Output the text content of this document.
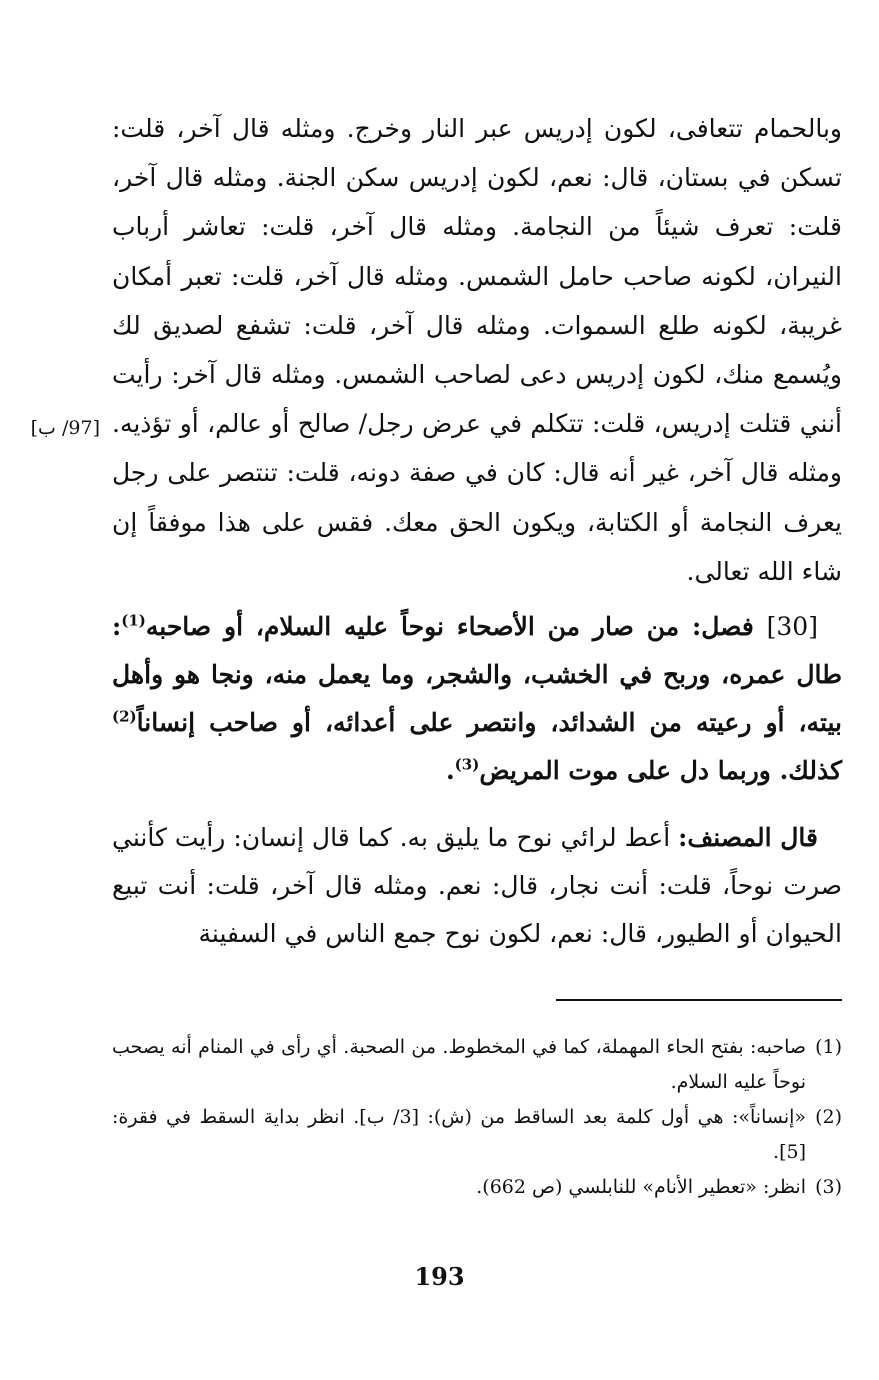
وبالحمام تتعافى، لكون إدريس عبر النار وخرج. ومثله قال آخر، قلت: تسكن في بستان، قال: نعم، لكون إدريس سكن الجنة. ومثله قال آخر، قلت: تعرف شيئاً من النجامة. ومثله قال آخر، قلت: تعاشر أرباب النيران، لكونه صاحب حامل الشمس. ومثله قال آخر، قلت: تعبر أمكان غريبة، لكونه طلع السموات. ومثله قال آخر، قلت: تشفع لصديق لك ويُسمع منك، لكون إدريس دعى لصاحب الشمس. ومثله قال آخر: رأيت أنني قتلت إدريس، قلت: تتكلم في عرض رجل/ صالح أو عالم، أو تؤذيه. ومثله قال آخر، غير أنه قال: كان في صفة دونه، قلت: تنتصر على رجل يعرف النجامة أو الكتابة، ويكون الحق معك. فقس على هذا موفقاً إن شاء الله تعالى.

[97/ ب]

[30] فصل: من صار من الأصحاء نوحاً عليه السلام، أو صاحبه$^{(1)}$: طال عمره، وربح في الخشب، والشجر، وما يعمل منه، ونجا هو وأهل بيته، أو رعيته من الشدائد، وانتصر على أعدائه، أو صاحب إنساناً$^{(2)}$ كذلك. وربما دل على موت المريض$^{(3)}$.

قال المصنف: أعط لرائي نوح ما يليق به. كما قال إنسان: رأيت كأنني صرت نوحاً، قلت: أنت نجار، قال: نعم. ومثله قال آخر، قلت: أنت تبيع الحيوان أو الطيور، قال: نعم، لكون نوح جمع الناس في السفينة

(1)
صاحبه: بفتح الحاء المهملة، كما في المخطوط. من الصحبة. أي رأى في المنام أنه يصحب نوحاً عليه السلام.

(2)
«إنساناً»: هي أول كلمة بعد الساقط من (ش): [3/ ب]. انظر بداية السقط في فقرة: [5].

(3)
انظر: «تعطير الأنام» للنابلسي (ص 662).

193
